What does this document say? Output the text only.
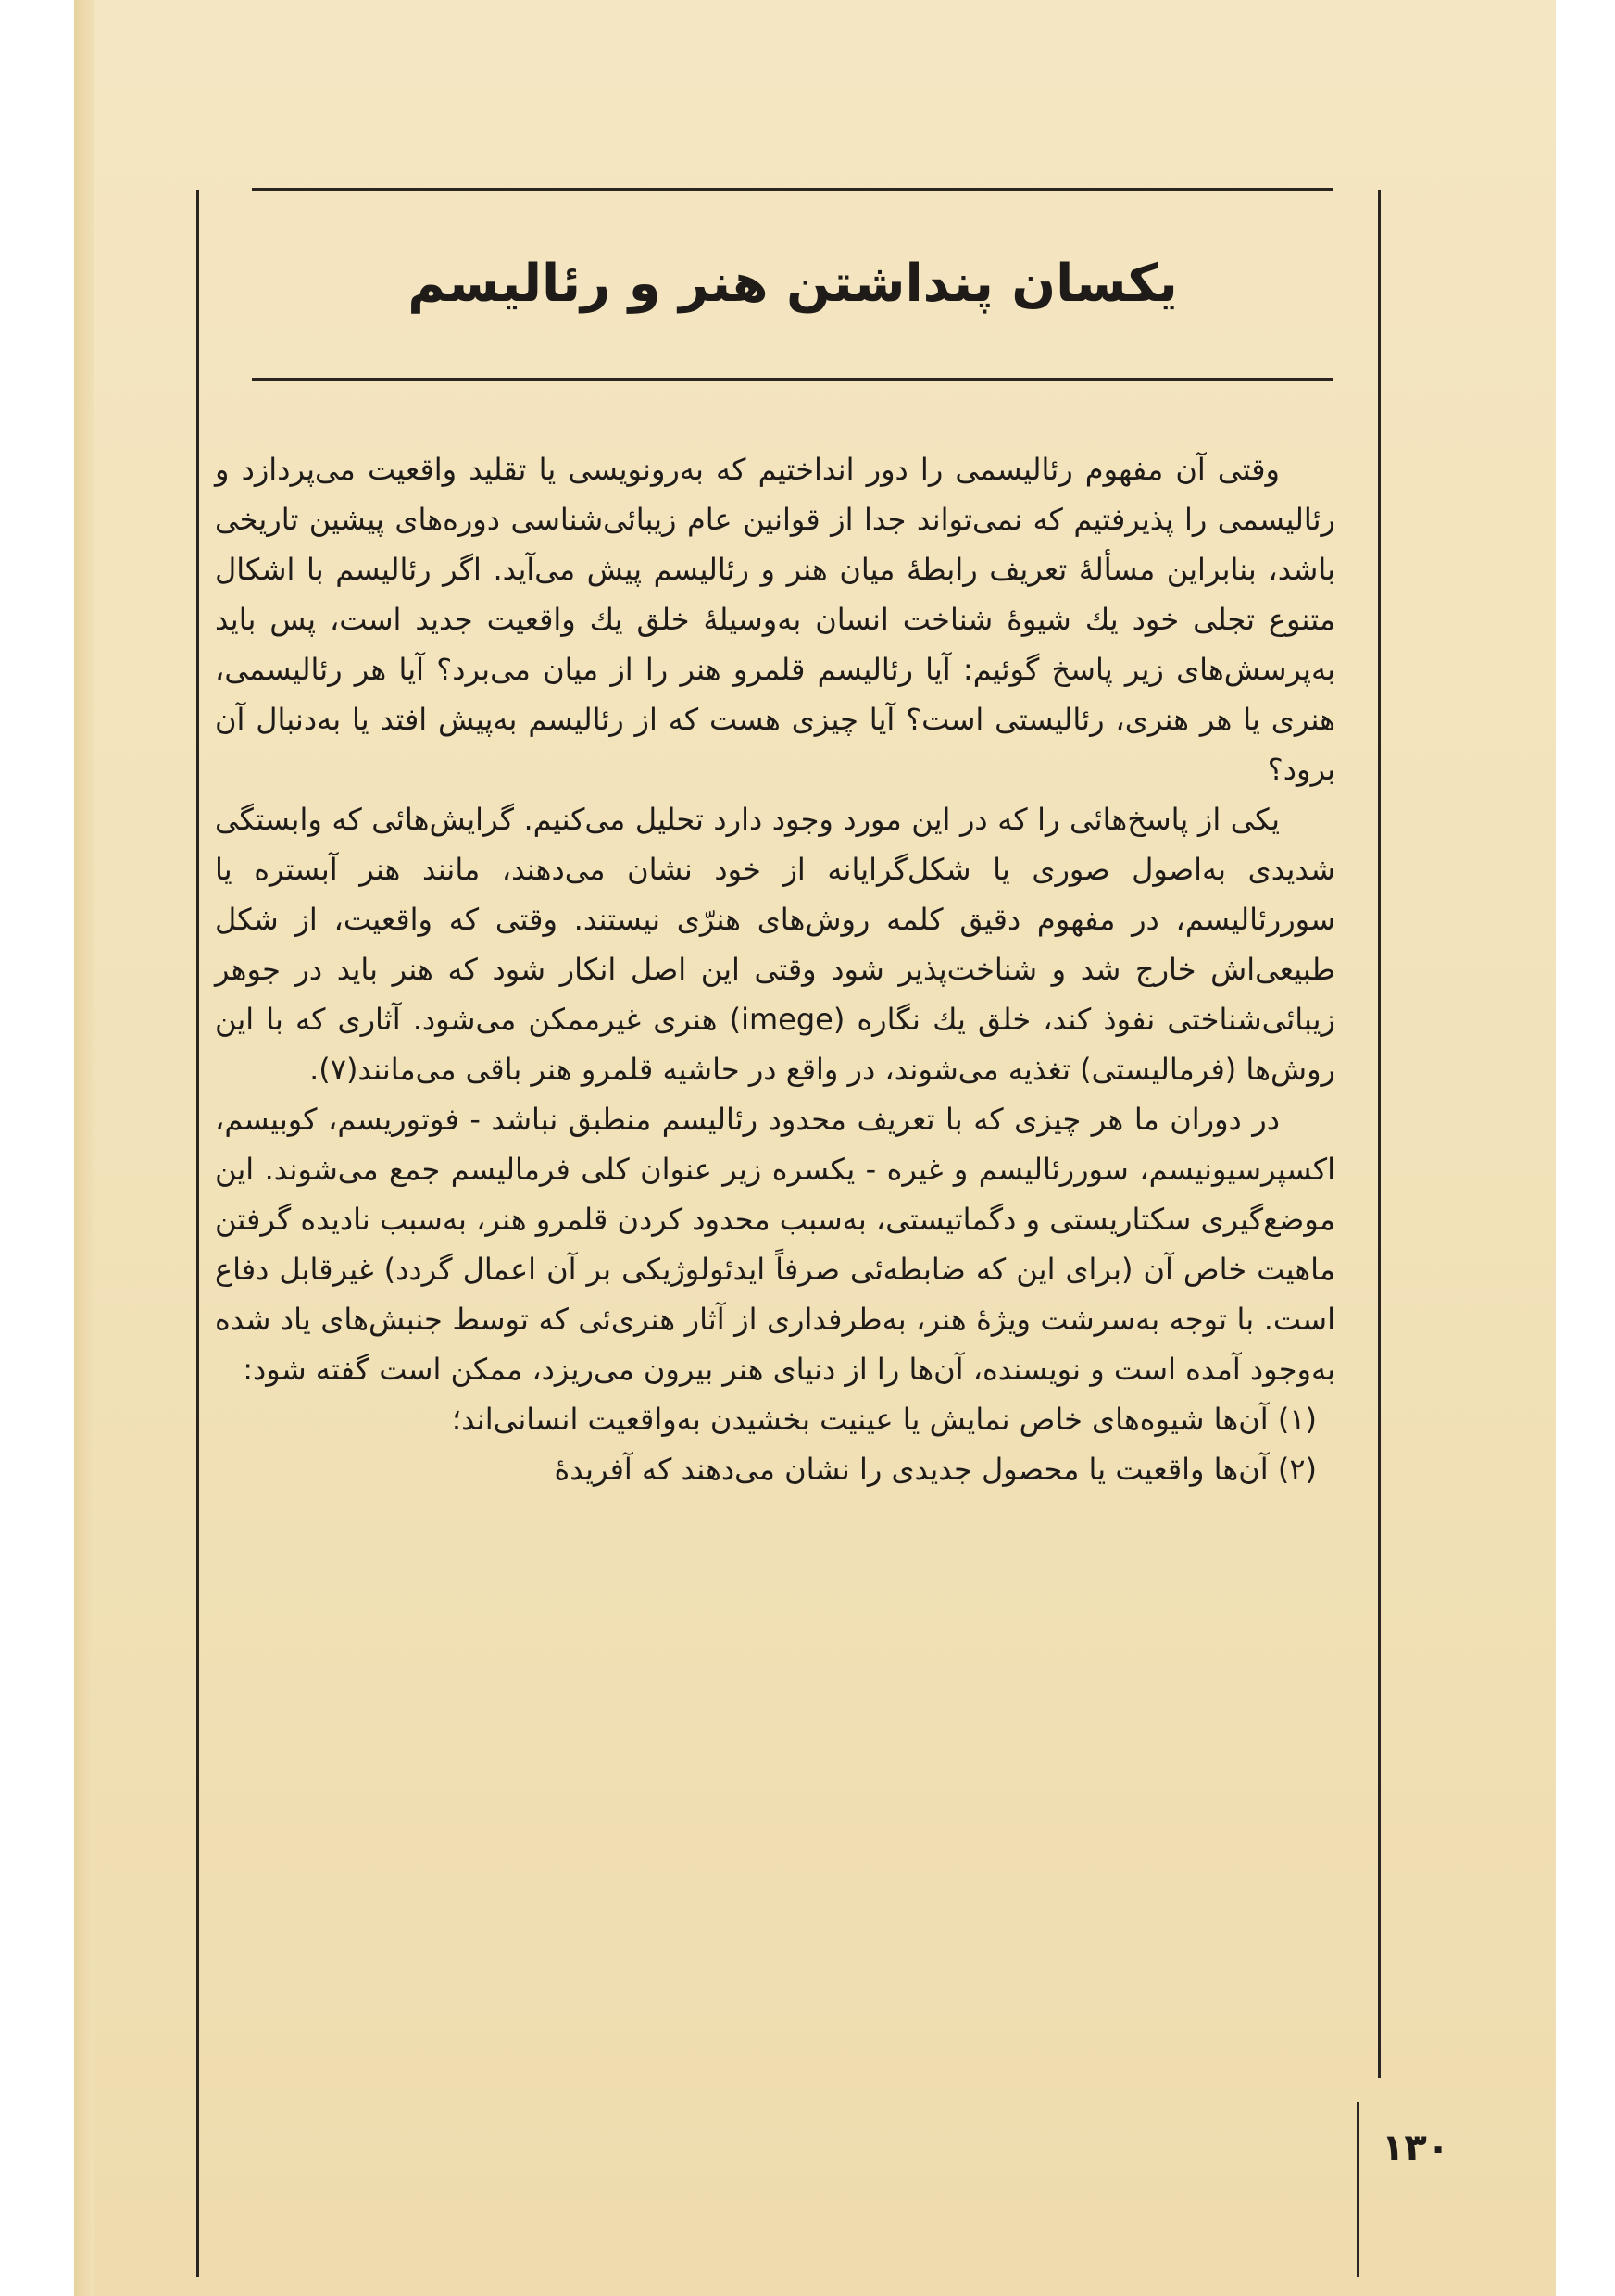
یکسان پنداشتن هنر و رئالیسم

وقتی آن مفهوم رئالیسمی را دور انداختیم که به‌رونویسی یا تقلید واقعیت می‌پردازد و رئالیسمی را پذیرفتیم که نمی‌تواند جدا از قوانین عام زیبائی‌شناسی دوره‌های پیشین تاریخی باشد، بنابراین مسألهٔ تعریف رابطهٔ میان هنر و رئالیسم پیش می‌آید. اگر رئالیسم با اشکال متنوع تجلی خود یك شیوهٔ شناخت انسان به‌وسیلهٔ خلق یك واقعیت جدید است، پس باید به‌پرسش‌های زیر پاسخ گوئیم: آیا رئالیسم قلمرو هنر را از میان می‌برد؟ آیا هر رئالیسمی، هنری یا هر هنری، رئالیستی است؟ آیا چیزی هست که از رئالیسم به‌پیش افتد یا به‌دنبال آن برود؟

یکی از پاسخ‌هائی را که در این مورد وجود دارد تحلیل می‌کنیم. گرایش‌هائی که وابستگی شدیدی به‌اصول صوری یا شکل‌گرایانه از خود نشان می‌دهند، مانند هنر آبستره یا سوررئالیسم، در مفهوم دقیق کلمه روش‌های هنرّی نیستند. وقتی که واقعیت، از شکل طبیعی‌اش خارج شد و شناخت‌پذیر شود وقتی این اصل انکار شود که هنر باید در جوهر زیبائی‌شناختی نفوذ کند، خلق یك نگاره (imege) هنری غیرممکن می‌شود. آثاری که با این روش‌ها (فرمالیستی) تغذیه می‌شوند، در واقع در حاشیه قلمرو هنر باقی می‌مانند(۷).

در دوران ما هر چیزی که با تعریف محدود رئالیسم منطبق نباشد - فوتوریسم، کوبیسم، اکسپرسیونیسم، سوررئالیسم و غیره - یکسره زیر عنوان کلی فرمالیسم جمع می‌شوند. این موضع‌گیری سکتاریستی و دگماتیستی، به‌سبب محدود کردن قلمرو هنر، به‌سبب نادیده گرفتن ماهیت خاص آن (برای این که ضابطه‌ئی صرفاً ایدئولوژیکی بر آن اعمال گردد) غیرقابل دفاع است. با توجه به‌سرشت ویژهٔ هنر، به‌طرفداری از آثار هنری‌ئی که توسط جنبش‌های یاد شده به‌وجود آمده است و نویسنده، آن‌ها را از دنیای هنر بیرون می‌ریزد، ممکن است گفته شود:

(۱) آن‌ها شیوه‌های خاص نمایش یا عینیت بخشیدن به‌واقعیت انسانی‌اند؛

(۲) آن‌ها واقعیت یا محصول جدیدی را نشان می‌دهند که آفریدهٔ

۱۳۰
